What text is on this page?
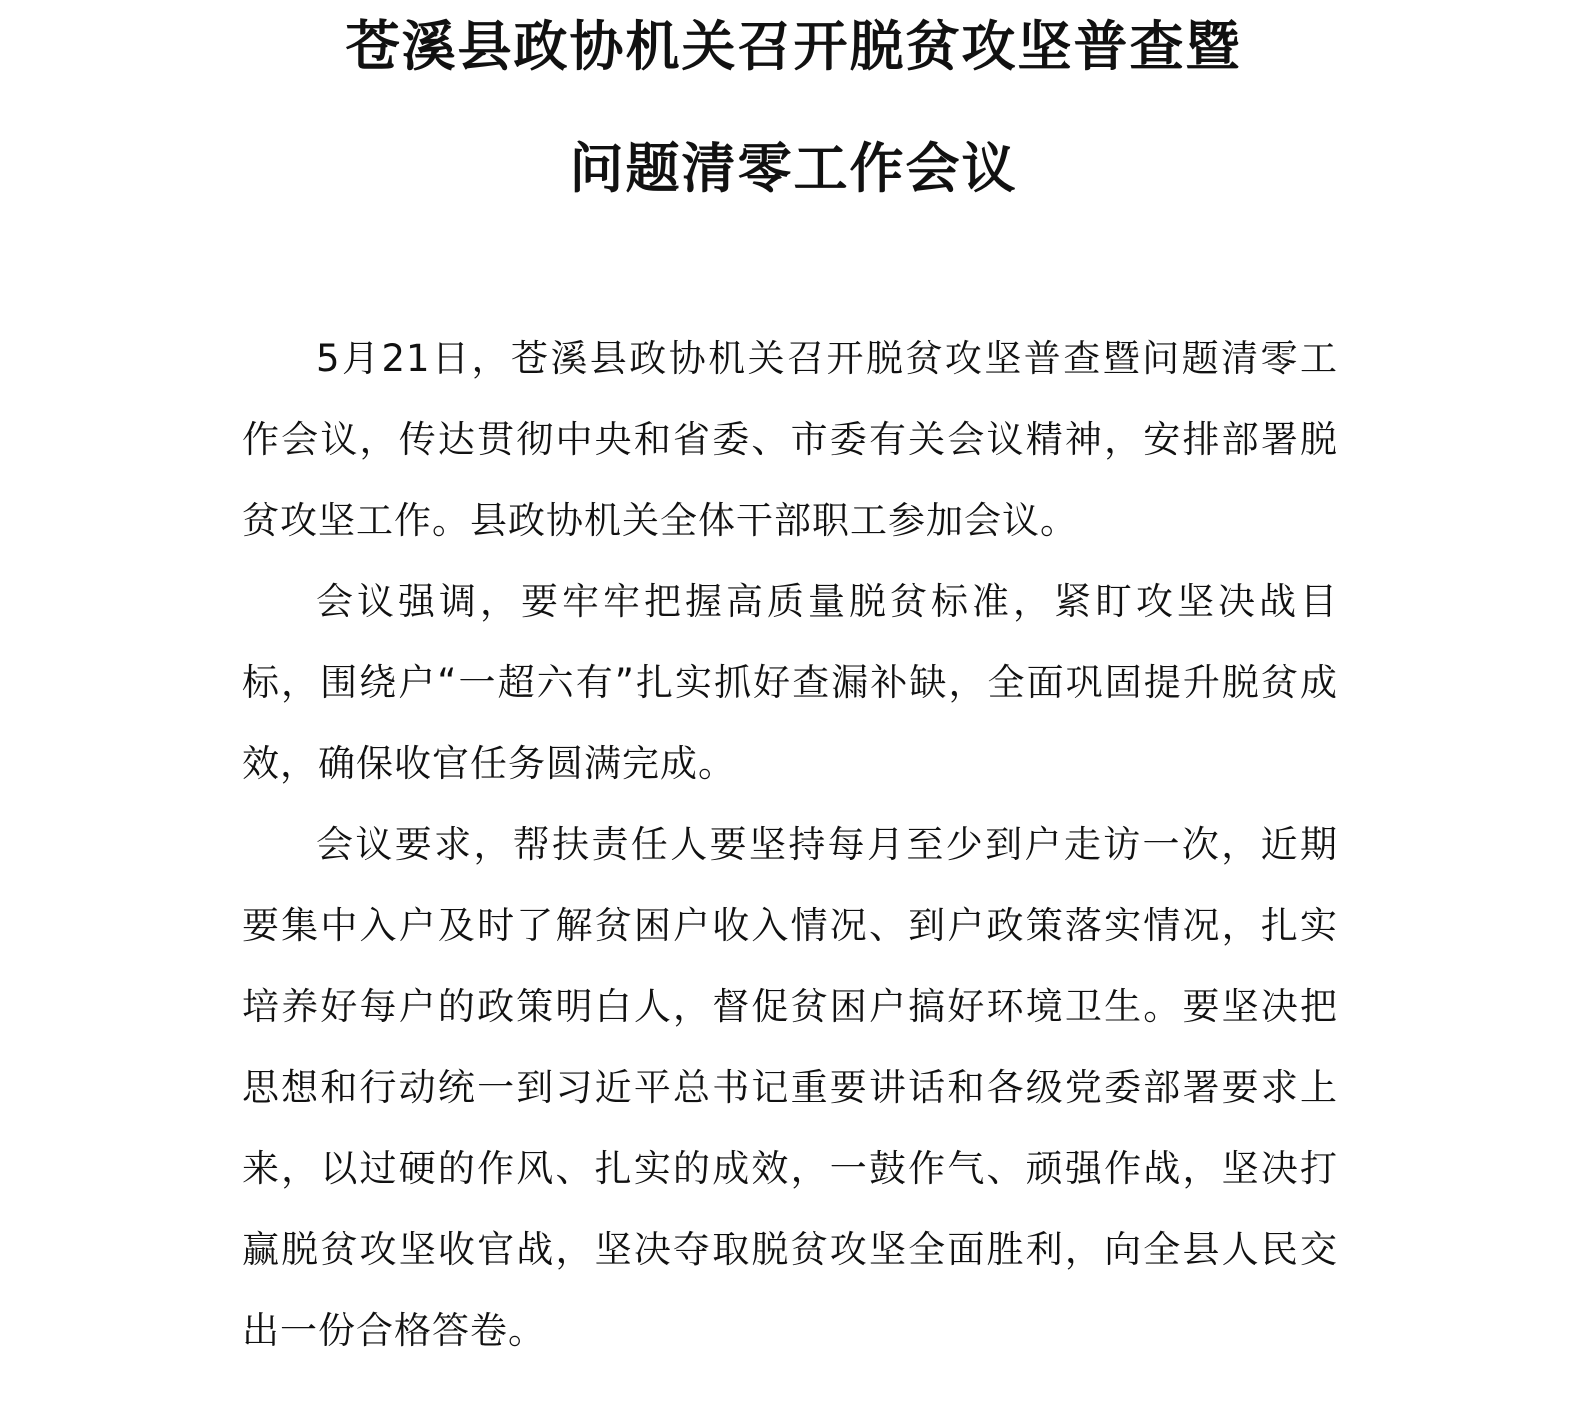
苍溪县政协机关召开脱贫攻坚普查暨
问题清零工作会议

5月21日，苍溪县政协机关召开脱贫攻坚普查暨问题清零工作会议，传达贯彻中央和省委、市委有关会议精神，安排部署脱贫攻坚工作。县政协机关全体干部职工参加会议。

会议强调，要牢牢把握高质量脱贫标准，紧盯攻坚决战目标，围绕户“一超六有”扎实抓好查漏补缺，全面巩固提升脱贫成效，确保收官任务圆满完成。

会议要求，帮扶责任人要坚持每月至少到户走访一次，近期要集中入户及时了解贫困户收入情况、到户政策落实情况，扎实培养好每户的政策明白人，督促贫困户搞好环境卫生。要坚决把思想和行动统一到习近平总书记重要讲话和各级党委部署要求上来，以过硬的作风、扎实的成效，一鼓作气、顽强作战，坚决打赢脱贫攻坚收官战，坚决夺取脱贫攻坚全面胜利，向全县人民交出一份合格答卷。
